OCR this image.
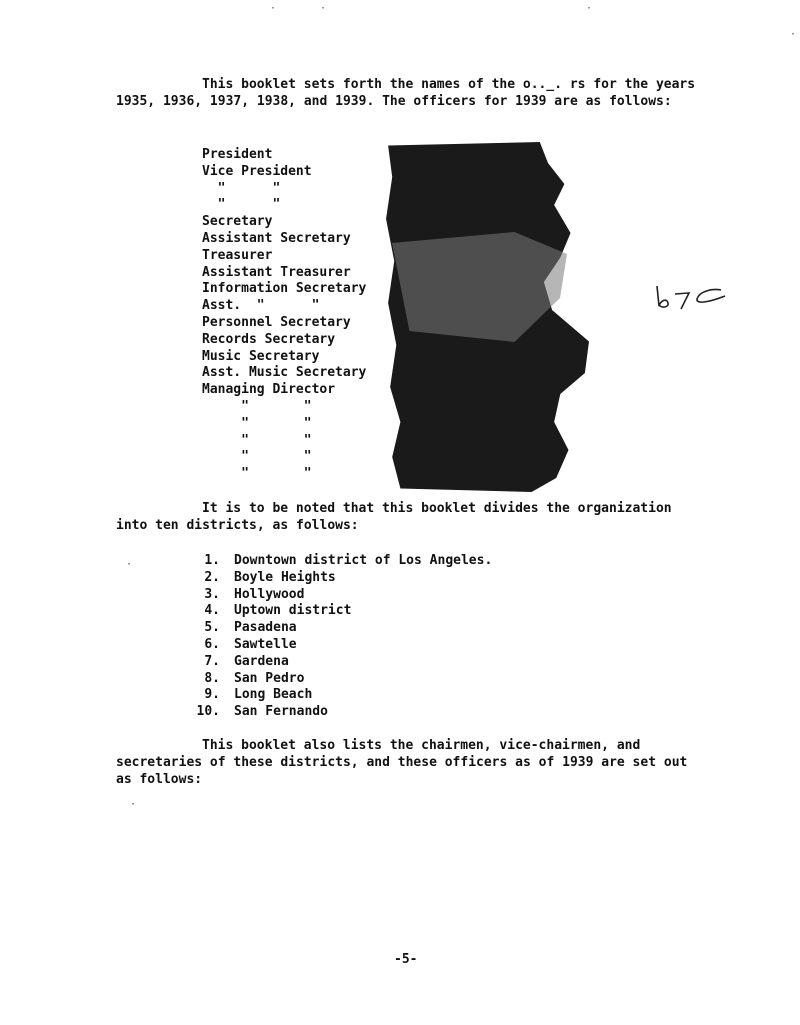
This booklet sets forth the names of the o.._. rs for the years 1935, 1936, 1937, 1938, and 1939. The officers for 1939 are as follows:

President
Vice President
"      "
"      "
Secretary
Assistant Secretary
Treasurer
Assistant Treasurer
Information Secretary
Asst.  "      "
Personnel Secretary
Records Secretary
Music Secretary
Asst. Music Secretary
Managing Director
"       "
"       "
"       "
"       "
"       "

It is to be noted that this booklet divides the organization into ten districts, as follows:

1. Downtown district of Los Angeles.
2. Boyle Heights
3. Hollywood
4. Uptown district
5. Pasadena
6. Sawtelle
7. Gardena
8. San Pedro
9. Long Beach
10. San Fernando

This booklet also lists the chairmen, vice-chairmen, and secretaries of these districts, and these officers as of 1939 are set out as follows:

-5-
·	·	·
·
·
·
